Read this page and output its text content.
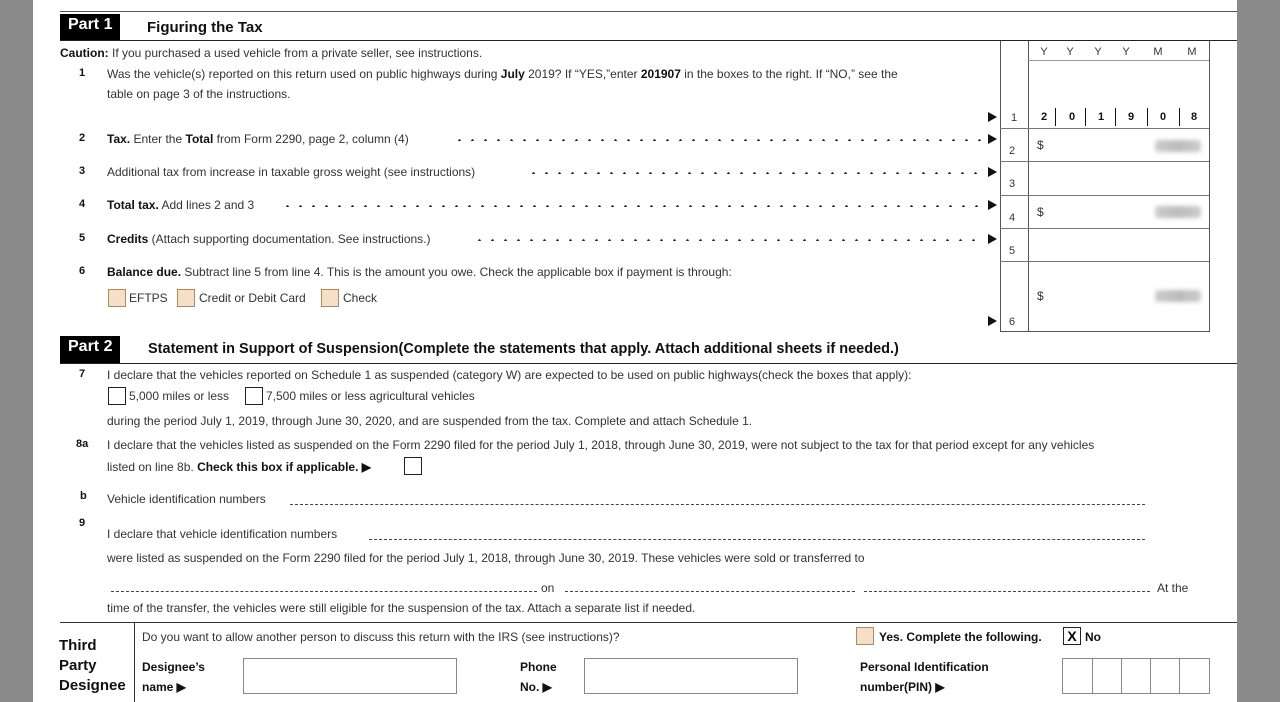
Part 1	Figuring the Tax
Y	Y	Y	Y	M	M
2	0	1	9	0	8
Caution: If you purchased a used vehicle from a private seller, see instructions.
1 Was the vehicle(s) reported on this return used on public highways during July 2019? If “YES,”enter 201907 in the boxes to the right. If “NO,” see the
table on page 3 of the instructions.
1
2 Tax. Enter the Total from Form 2290, page 2, column (4)
2 $
3 Additional tax from increase in taxable gross weight (see instructions)
3
4 Total tax. Add lines 2 and 3
4 $
5 Credits (Attach supporting documentation. See instructions.)
5
6 Balance due. Subtract line 5 from line 4. This is the amount you owe. Check the applicable box if payment is through:
EFTPS	Credit or Debit Card	Check	$
6
Part 2	Statement in Support of Suspension(Complete the statements that apply. Attach additional sheets if needed.)
7 I declare that the vehicles reported on Schedule 1 as suspended (category W) are expected to be used on public highways(check the boxes that apply):
5,000 miles or less	7,500 miles or less agricultural vehicles
during the period July 1, 2019, through June 30, 2020, and are suspended from the tax. Complete and attach Schedule 1.
8a I declare that the vehicles listed as suspended on the Form 2290 filed for the period July 1, 2018, through June 30, 2019, were not subject to the tax for that period except for any vehicles
listed on line 8b. Check this box if applicable. ▶
b Vehicle identification numbers
9
I declare that vehicle identification numbers
were listed as suspended on the Form 2290 filed for the period July 1, 2018, through June 30, 2019. These vehicles were sold or transferred to
on	At the
time of the transfer, the vehicles were still eligible for the suspension of the tax. Attach a separate list if needed.
Third
Party
Designee
Do you want to allow another person to discuss this return with the IRS (see instructions)?	Yes. Complete the following.	X No
Designee’s
name ▶
Phone
No. ▶
Personal Identification
number(PIN) ▶
